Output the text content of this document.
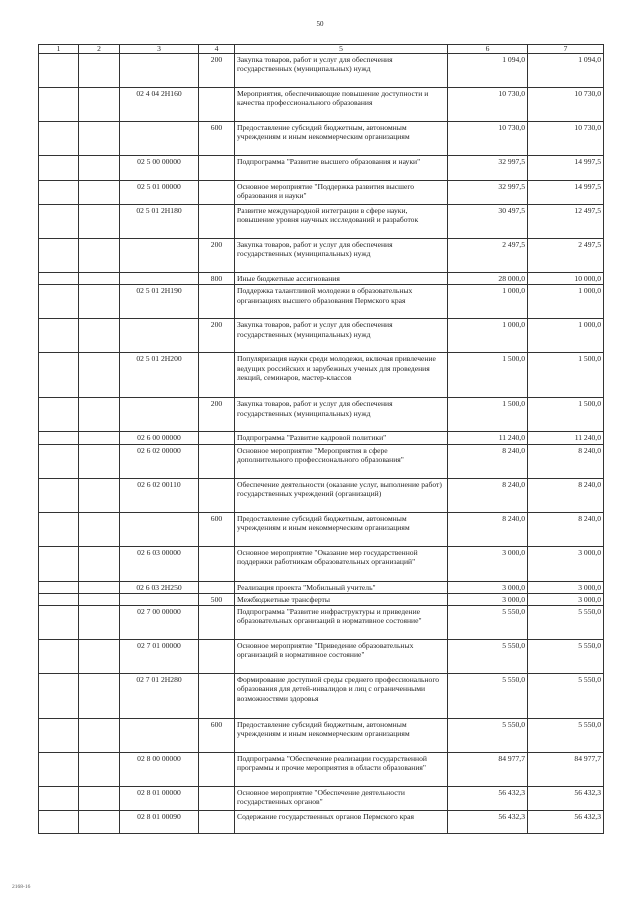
50
1	2	3	4	5	6	7
			200	Закупка товаров, работ и услуг для обеспечения государственных (муниципальных) нужд	1 094,0	1 094,0
		02 4 04 2Н160		Мероприятия, обеспечивающие повышение доступности и качества профессионального образования	10 730,0	10 730,0
			600	Предоставление субсидий бюджетным, автономным учреждениям и иным некоммерческим организациям	10 730,0	10 730,0
		02 5 00 00000		Подпрограмма "Развитие высшего образования и науки"	32 997,5	14 997,5
		02 5 01 00000		Основное мероприятие "Поддержка развития высшего образования и науки"	32 997,5	14 997,5
		02 5 01 2Н180		Развитие международной интеграции в сфере науки, повышение уровня научных исследований и разработок	30 497,5	12 497,5
			200	Закупка товаров, работ и услуг для обеспечения государственных (муниципальных) нужд	2 497,5	2 497,5
			800	Иные бюджетные ассигнования	28 000,0	10 000,0
		02 5 01 2Н190		Поддержка талантливой молодежи в образовательных организациях высшего образования Пермского края	1 000,0	1 000,0
			200	Закупка товаров, работ и услуг для обеспечения государственных (муниципальных) нужд	1 000,0	1 000,0
		02 5 01 2Н200		Популяризация науки среди молодежи, включая привлечение ведущих российских и зарубежных ученых для проведения лекций, семинаров, мастер-классов	1 500,0	1 500,0
			200	Закупка товаров, работ и услуг для обеспечения государственных (муниципальных) нужд	1 500,0	1 500,0
		02 6 00 00000		Подпрограмма "Развитие кадровой политики"	11 240,0	11 240,0
		02 6 02 00000		Основное мероприятие "Мероприятия в сфере дополнительного профессионального образования"	8 240,0	8 240,0
		02 6 02 00110		Обеспечение деятельности (оказание услуг, выполнение работ) государственных учреждений (организаций)	8 240,0	8 240,0
			600	Предоставление субсидий бюджетным, автономным учреждениям и иным некоммерческим организациям	8 240,0	8 240,0
		02 6 03 00000		Основное мероприятие "Оказание мер государственной поддержки работникам образовательных организаций"	3 000,0	3 000,0
		02 6 03 2Н250		Реализация проекта "Мобильный учитель"	3 000,0	3 000,0
			500	Межбюджетные трансферты	3 000,0	3 000,0
		02 7 00 00000		Подпрограмма "Развитие инфраструктуры и приведение образовательных организаций в нормативное состояние"	5 550,0	5 550,0
		02 7 01 00000		Основное мероприятие "Приведение образовательных организаций в нормативное состояние"	5 550,0	5 550,0
		02 7 01 2Н280		Формирование доступной среды среднего профессионального образования для детей-инвалидов и лиц с ограниченными возможностями здоровья	5 550,0	5 550,0
			600	Предоставление субсидий бюджетным, автономным учреждениям и иным некоммерческим организациям	5 550,0	5 550,0
		02 8 00 00000		Подпрограмма "Обеспечение реализации государственной программы и прочие мероприятия в области образования"	84 977,7	84 977,7
		02 8 01 00000		Основное мероприятие "Обеспечение деятельности государственных органов"	56 432,3	56 432,3
		02 8 01 00090		Содержание государственных органов Пермского края	56 432,3	56 432,3
2168-16
